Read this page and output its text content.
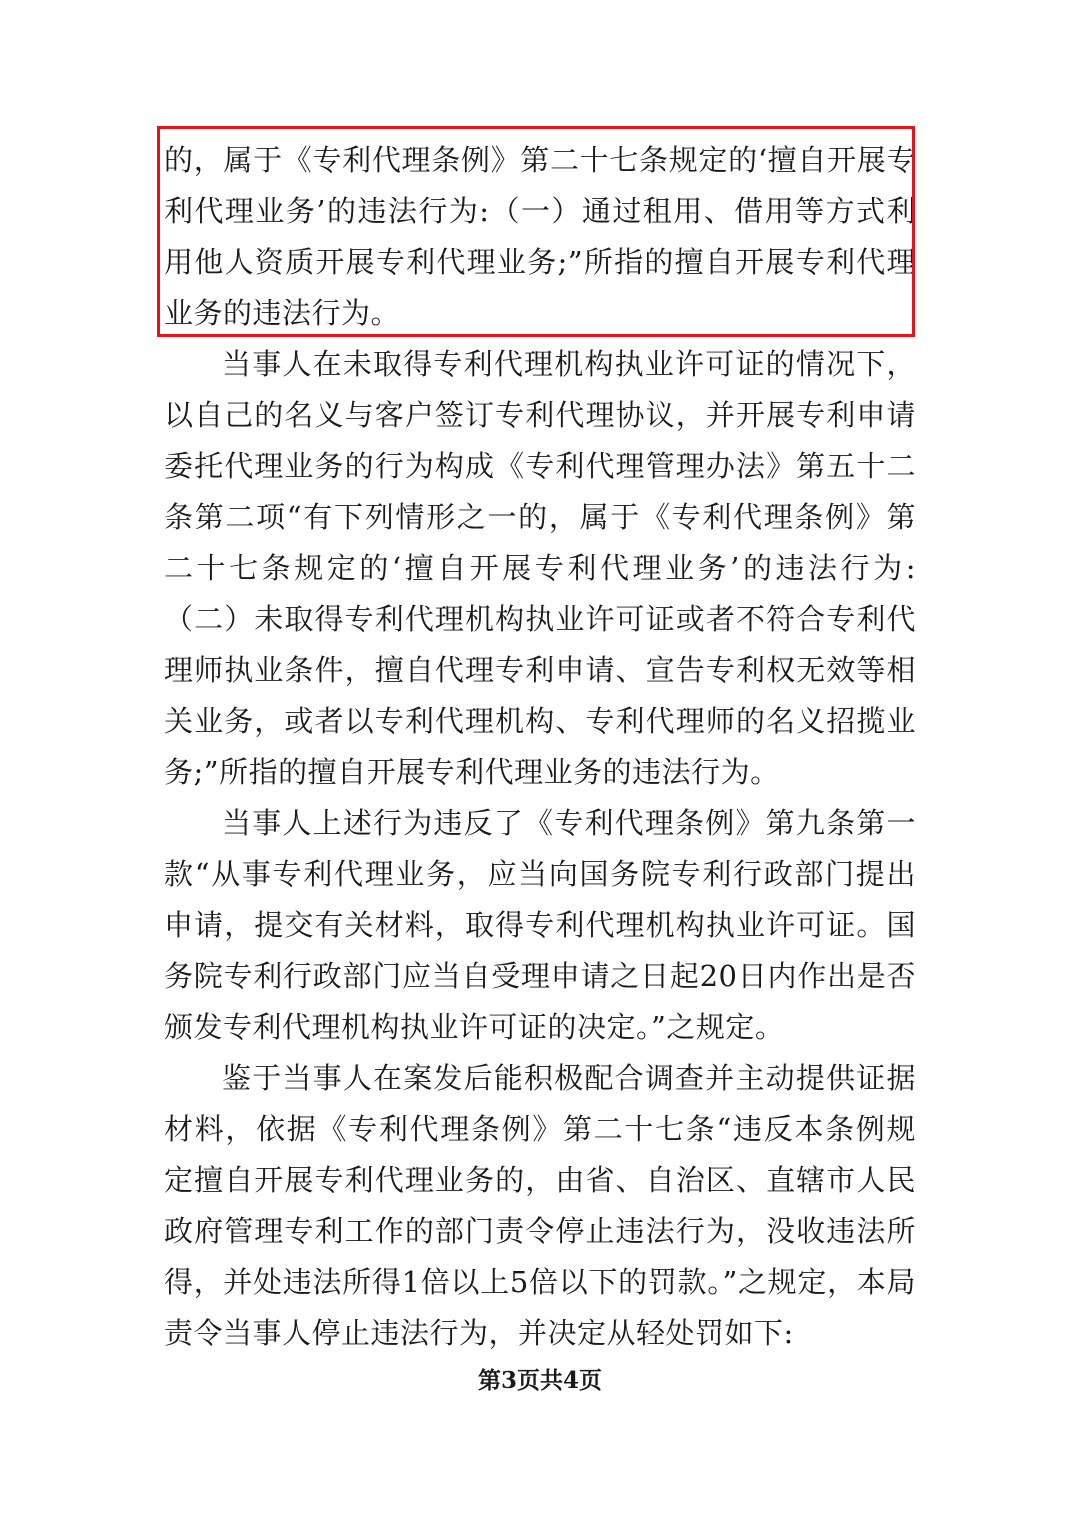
的，属于《专利代理条例》第二十七条规定的‘擅自开展专利代理业务’的违法行为:（一）通过租用、借用等方式利用他人资质开展专利代理业务;”所指的擅自开展专利代理业务的违法行为。

当事人在未取得专利代理机构执业许可证的情况下，以自己的名义与客户签订专利代理协议，并开展专利申请委托代理业务的行为构成《专利代理管理办法》第五十二条第二项“有下列情形之一的，属于《专利代理条例》第二十七条规定的‘擅自开展专利代理业务’的违法行为:（二）未取得专利代理机构执业许可证或者不符合专利代理师执业条件，擅自代理专利申请、宣告专利权无效等相关业务，或者以专利代理机构、专利代理师的名义招揽业务;”所指的擅自开展专利代理业务的违法行为。

当事人上述行为违反了《专利代理条例》第九条第一款“从事专利代理业务，应当向国务院专利行政部门提出申请，提交有关材料，取得专利代理机构执业许可证。国务院专利行政部门应当自受理申请之日起20日内作出是否颁发专利代理机构执业许可证的决定。”之规定。

鉴于当事人在案发后能积极配合调查并主动提供证据材料，依据《专利代理条例》第二十七条“违反本条例规定擅自开展专利代理业务的，由省、自治区、直辖市人民政府管理专利工作的部门责令停止违法行为，没收违法所得，并处违法所得1倍以上5倍以下的罚款。”之规定，本局责令当事人停止违法行为，并决定从轻处罚如下:

第3页共4页
